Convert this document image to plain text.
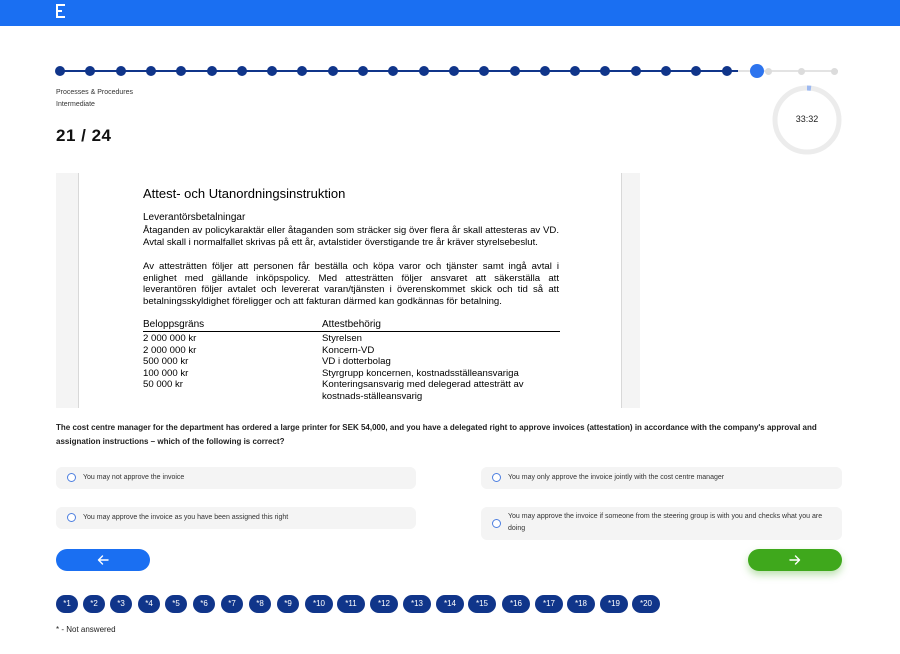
Processes & Procedures
Intermediate
21 / 24
33:32
Attest- och Utanordningsinstruktion
Leverantörsbetalningar
Åtaganden av policykaraktär eller åtaganden som sträcker sig över flera år skall attesteras av VD. Avtal skall i normalfallet skrivas på ett år, avtalstider överstigande tre år kräver styrelsebeslut.
Av attesträtten följer att personen får beställa och köpa varor och tjänster samt ingå avtal i enlighet med gällande inköpspolicy. Med attesträtten följer ansvaret att säkerställa att leverantören följer avtalet och levererat varan/tjänsten i överenskommet skick och tid så att betalningsskyldighet föreligger och att fakturan därmed kan godkännas för betalning.
Beloppsgräns	Attestbehörig
2 000 000 kr	Styrelsen
2 000 000 kr	Koncern-VD
500 000 kr	VD i dotterbolag
100 000 kr	Styrgrupp koncernen, kostnadsställeansvariga
50 000 kr	Konteringsansvarig med delegerad attesträtt av kostnads-ställeansvarig
The cost centre manager for the department has ordered a large printer for SEK 54,000, and you have a delegated right to approve invoices (attestation) in accordance with the company's approval and assignation instructions – which of the following is correct?
You may not approve the invoice	You may only approve the invoice jointly with the cost centre manager
You may approve the invoice as you have been assigned this right	You may approve the invoice if someone from the steering group is with you and checks what you are doing
*1	*2	*3	*4	*5	*6	*7	*8	*9	*10	*11	*12	*13	*14	*15	*16	*17	*18	*19	*20
* - Not answered
